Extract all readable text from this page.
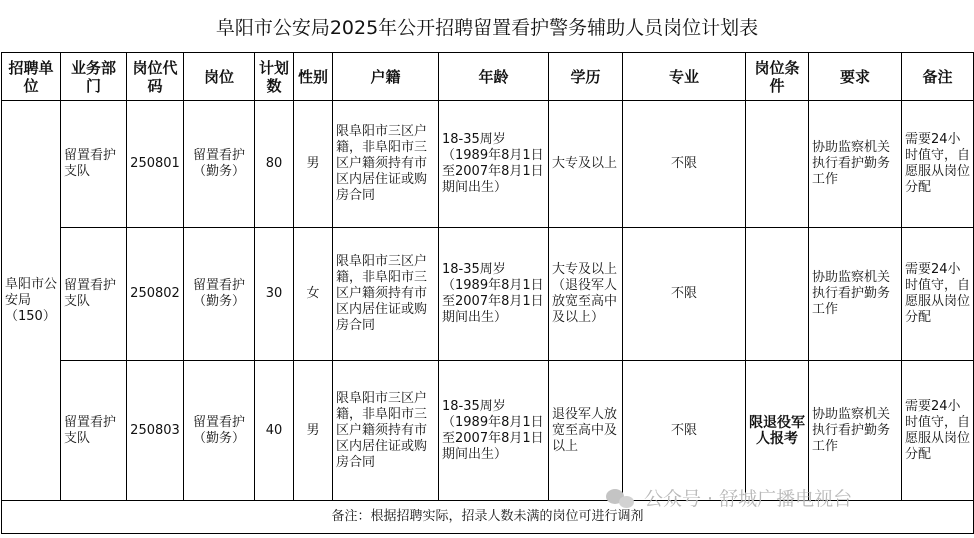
阜阳市公安局2025年公开招聘留置看护警务辅助人员岗位计划表
招聘单位	业务部门	岗位代码	岗位	计划数	性别	户籍	年龄	学历	专业	岗位条件	要求	备注
阜阳市公安局（150）	留置看护支队	250801	留置看护（勤务）	80	男	限阜阳市三区户籍，非阜阳市三区户籍须持有市区内居住证或购房合同	18-35周岁（1989年8月1日至2007年8月1日期间出生）	大专及以上	不限		协助监察机关执行看护勤务工作	需要24小时值守，自愿服从岗位分配
	留置看护支队	250802	留置看护（勤务）	30	女	限阜阳市三区户籍，非阜阳市三区户籍须持有市区内居住证或购房合同	18-35周岁（1989年8月1日至2007年8月1日期间出生）	大专及以上（退役军人放宽至高中及以上）	不限		协助监察机关执行看护勤务工作	需要24小时值守，自愿服从岗位分配
	留置看护支队	250803	留置看护（勤务）	40	男	限阜阳市三区户籍，非阜阳市三区户籍须持有市区内居住证或购房合同	18-35周岁（1989年8月1日至2007年8月1日期间出生）	退役军人放宽至高中及以上	不限	限退役军人报考	协助监察机关执行看护勤务工作	需要24小时值守，自愿服从岗位分配
备注：根据招聘实际，招录人数未满的岗位可进行调剂												
公众号 · 舒城广播电视台
